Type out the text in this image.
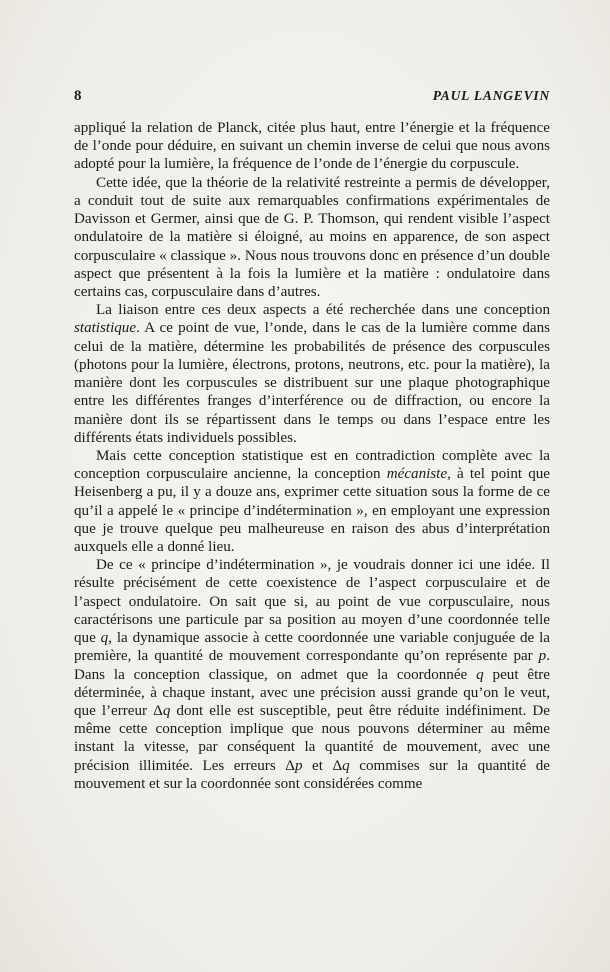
8	PAUL LANGEVIN

appliqué la relation de Planck, citée plus haut, entre l’énergie et la fréquence de l’onde pour déduire, en suivant un chemin inverse de celui que nous avons adopté pour la lumière, la fréquence de l’onde de l’énergie du corpuscule.

Cette idée, que la théorie de la relativité restreinte a permis de développer, a conduit tout de suite aux remarquables confirmations expérimentales de Davisson et Germer, ainsi que de G. P. Thomson, qui rendent visible l’aspect ondulatoire de la matière si éloigné, au moins en apparence, de son aspect corpusculaire « classique ». Nous nous trouvons donc en présence d’un double aspect que présentent à la fois la lumière et la matière : ondulatoire dans certains cas, corpusculaire dans d’autres.

La liaison entre ces deux aspects a été recherchée dans une conception statistique. A ce point de vue, l’onde, dans le cas de la lumière comme dans celui de la matière, détermine les probabilités de présence des corpuscules (photons pour la lumière, électrons, protons, neutrons, etc. pour la matière), la manière dont les corpuscules se distribuent sur une plaque photographique entre les différentes franges d’interférence ou de diffraction, ou encore la manière dont ils se répartissent dans le temps ou dans l’espace entre les différents états individuels possibles.

Mais cette conception statistique est en contradiction complète avec la conception corpusculaire ancienne, la conception mécaniste, à tel point que Heisenberg a pu, il y a douze ans, exprimer cette situation sous la forme de ce qu’il a appelé le « principe d’indétermination », en employant une expression que je trouve quelque peu malheureuse en raison des abus d’interprétation auxquels elle a donné lieu.

De ce « principe d’indétermination », je voudrais donner ici une idée. Il résulte précisément de cette coexistence de l’aspect corpusculaire et de l’aspect ondulatoire. On sait que si, au point de vue corpusculaire, nous caractérisons une particule par sa position au moyen d’une coordonnée telle que q, la dynamique associe à cette coordonnée une variable conjuguée de la première, la quantité de mouvement correspondante qu’on représente par p. Dans la conception classique, on admet que la coordonnée q peut être déterminée, à chaque instant, avec une précision aussi grande qu’on le veut, que l’erreur Δq dont elle est susceptible, peut être réduite indéfiniment. De même cette conception implique que nous pouvons déterminer au même instant la vitesse, par conséquent la quantité de mouvement, avec une précision illimitée. Les erreurs Δp et Δq commises sur la quantité de mouvement et sur la coordonnée sont considérées comme
